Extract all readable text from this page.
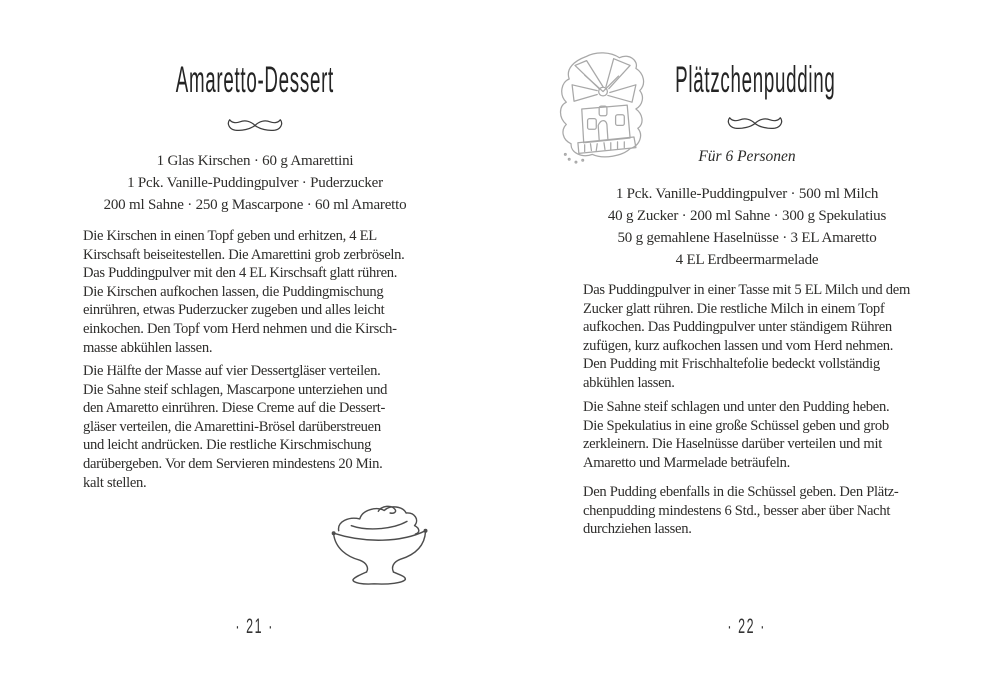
Amaretto-Dessert
1 Glas Kirschen · 60 g Amarettini
1 Pck. Vanille-Puddingpulver · Puderzucker
200 ml Sahne · 250 g Mascarpone · 60 ml Amaretto
Die Kirschen in einen Topf geben und erhitzen, 4 EL
Kirschsaft beiseitestellen. Die Amarettini grob zerbröseln.
Das Puddingpulver mit den 4 EL Kirschsaft glatt rühren.
Die Kirschen aufkochen lassen, die Puddingmischung
einrühren, etwas Puderzucker zugeben und alles leicht
einkochen. Den Topf vom Herd nehmen und die Kirsch-
masse abkühlen lassen.
Die Hälfte der Masse auf vier Dessertgläser verteilen.
Die Sahne steif schlagen, Mascarpone unterziehen und
den Amaretto einrühren. Diese Creme auf die Dessert-
gläser verteilen, die Amarettini-Brösel darüberstreuen
und leicht andrücken. Die restliche Kirschmischung
darübergeben. Vor dem Servieren mindestens 20 Min.
kalt stellen.
· 21 ·
Plätzchenpudding
Für 6 Personen
1 Pck. Vanille-Puddingpulver · 500 ml Milch
40 g Zucker · 200 ml Sahne · 300 g Spekulatius
50 g gemahlene Haselnüsse · 3 EL Amaretto
4 EL Erdbeermarmelade
Das Puddingpulver in einer Tasse mit 5 EL Milch und dem
Zucker glatt rühren. Die restliche Milch in einem Topf
aufkochen. Das Puddingpulver unter ständigem Rühren
zufügen, kurz aufkochen lassen und vom Herd nehmen.
Den Pudding mit Frischhaltefolie bedeckt vollständig
abkühlen lassen.
Die Sahne steif schlagen und unter den Pudding heben.
Die Spekulatius in eine große Schüssel geben und grob
zerkleinern. Die Haselnüsse darüber verteilen und mit
Amaretto und Marmelade beträufeln.
Den Pudding ebenfalls in die Schüssel geben. Den Plätz-
chenpudding mindestens 6 Std., besser aber über Nacht
durchziehen lassen.
· 22 ·
